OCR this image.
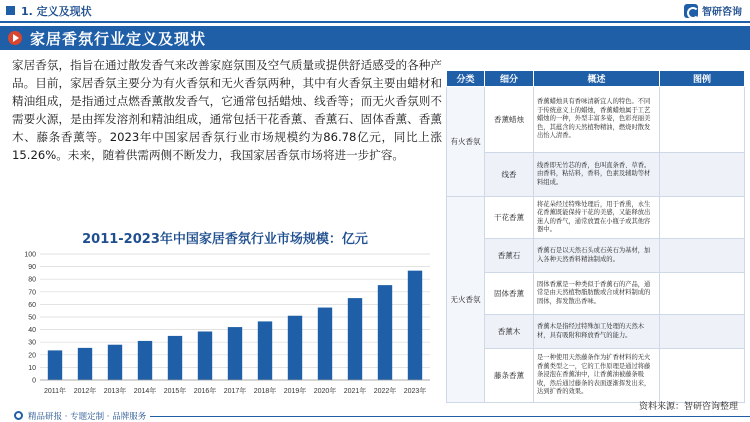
1. 定义及现状	智研咨询
家居香氛行业定义及现状
家居香氛，指旨在通过散发香气来改善家庭氛围及空气质量或提供舒适感受的各种产品。目前，家居香氛主要分为有火香氛和无火香氛两种，其中有火香氛主要由蜡材和精油组成，是指通过点燃香薰散发香气，它通常包括蜡烛、线香等；而无火香氛则不需要火源，是由挥发溶剂和精油组成，通常包括干花香薰、香薰石、固体香薰、香薰木、藤条香薰等。2023年中国家居香氛行业市场规模约为86.78亿元，同比上涨15.26%。未来，随着供需两侧不断发力，我国家居香氛市场将进一步扩容。
2011-2023年中国家居香氛行业市场规模：亿元
0
10
20
30
40
50
60
70
80
90
100
2011年 2012年 2013年 2014年 2015年 2016年 2017年 2018年 2019年 2020年 2021年 2022年 2023年
分类	细分	概述	图例
有火香氛	香薰蜡烛	香薰蜡烛具有香味清新宜人的特色。不同于传统意义上的蜡烛，香薰蜡烛属于工艺蜡烛的一种，外型丰富多姿，色彩亮丽美色，其蕴含的天然植物精油，燃烧时散发出怡人清香。	

	线香	线香即无竹芯的香，也叫直条香、草香。由香料，粘结料，香料，色素及辅助等材料组成。	

无火香氛	干花香薰	将花朵经过特殊处理后，用于香熏，永生花香薰既能保持干花的美感，又能释放出迷人的香气，通常放置在小瓶子或其他容器中。	

	香薰石	香薰石是以天然石头或石英石为基材，加入各种天然香料精油制成的。	

	固体香薰	固体香薰是一种类似于香薰石的产品，通常是由天然植物脂肪酸或合成材料制成的固体，挥发散出香味。	

	香薰木	香薰木是指经过特殊加工处理的天然木材，具有吸附和释放香气的能力。	

	藤条香薰	是一种使用天然藤条作为扩香材料的无火香薰类型之一，它的工作原理是通过将藤条浸泡在香薰油中，让香薰油被藤条吸收，然后通过藤条的表面逐渐挥发出来，达到扩香的效果。	
资料来源：智研咨询整理
精品研报 · 专题定制 · 品牌服务
